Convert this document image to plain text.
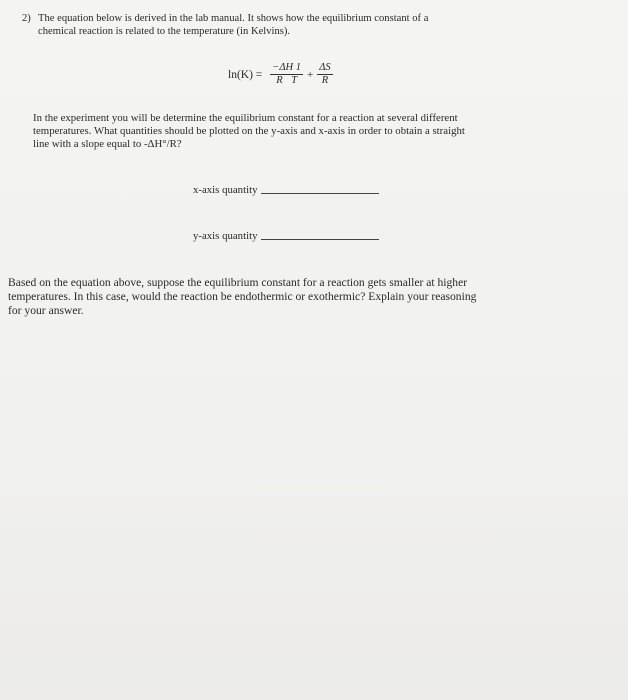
2) The equation below is derived in the lab manual. It shows how the equilibrium constant of a
chemical reaction is related to the temperature (in Kelvins).
$\ln(K) = \frac{-\Delta H 1}{\text{R T}} + \frac{\Delta S}{R}$
In the experiment you will be determine the equilibrium constant for a reaction at several different
temperatures. What quantities should be plotted on the y-axis and x-axis in order to obtain a straight
line with a slope equal to -ΔH°/R?
x-axis quantity
y-axis quantity
Based on the equation above, suppose the equilibrium constant for a reaction gets smaller at higher
temperatures. In this case, would the reaction be endothermic or exothermic? Explain your reasoning
for your answer.
